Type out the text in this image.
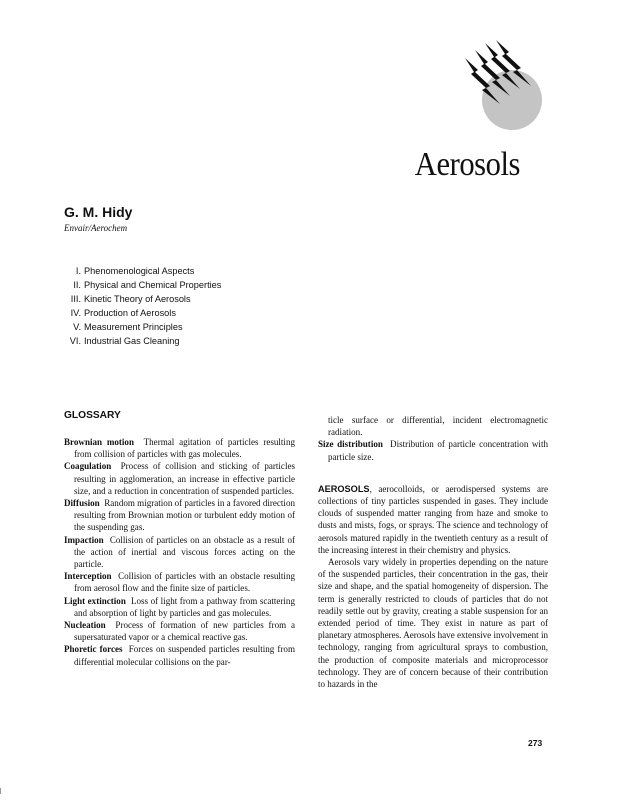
Aerosols
G. M. Hidy
Envair/Aerochem
I. Phenomenological Aspects
II. Physical and Chemical Properties
III. Kinetic Theory of Aerosols
IV. Production of Aerosols
V. Measurement Principles
VI. Industrial Gas Cleaning
GLOSSARY
Brownian motion Thermal agitation of particles resulting from collision of particles with gas molecules.
Coagulation Process of collision and sticking of particles resulting in agglomeration, an increase in effective particle size, and a reduction in concentration of suspended particles.
Diffusion Random migration of particles in a favored direction resulting from Brownian motion or turbulent eddy motion of the suspending gas.
Impaction Collision of particles on an obstacle as a result of the action of inertial and viscous forces acting on the particle.
Interception Collision of particles with an obstacle resulting from aerosol flow and the finite size of particles.
Light extinction Loss of light from a pathway from scattering and absorption of light by particles and gas molecules.
Nucleation Process of formation of new particles from a supersaturated vapor or a chemical reactive gas.
Phoretic forces Forces on suspended particles resulting from differential molecular collisions on the par-
ticle surface or differential, incident electromagnetic radiation.
Size distribution Distribution of particle concentration with particle size.
AEROSOLS, aerocolloids, or aerodispersed systems are collections of tiny particles suspended in gases. They include clouds of suspended matter ranging from haze and smoke to dusts and mists, fogs, or sprays. The science and technology of aerosols matured rapidly in the twentieth century as a result of the increasing interest in their chemistry and physics.
Aerosols vary widely in properties depending on the nature of the suspended particles, their concentration in the gas, their size and shape, and the spatial homogeneity of dispersion. The term is generally restricted to clouds of particles that do not readily settle out by gravity, creating a stable suspension for an extended period of time. They exist in nature as part of planetary atmospheres. Aerosols have extensive involvement in technology, ranging from agricultural sprays to combustion, the production of composite materials and microprocessor technology. They are of concern because of their contribution to hazards in the
273
